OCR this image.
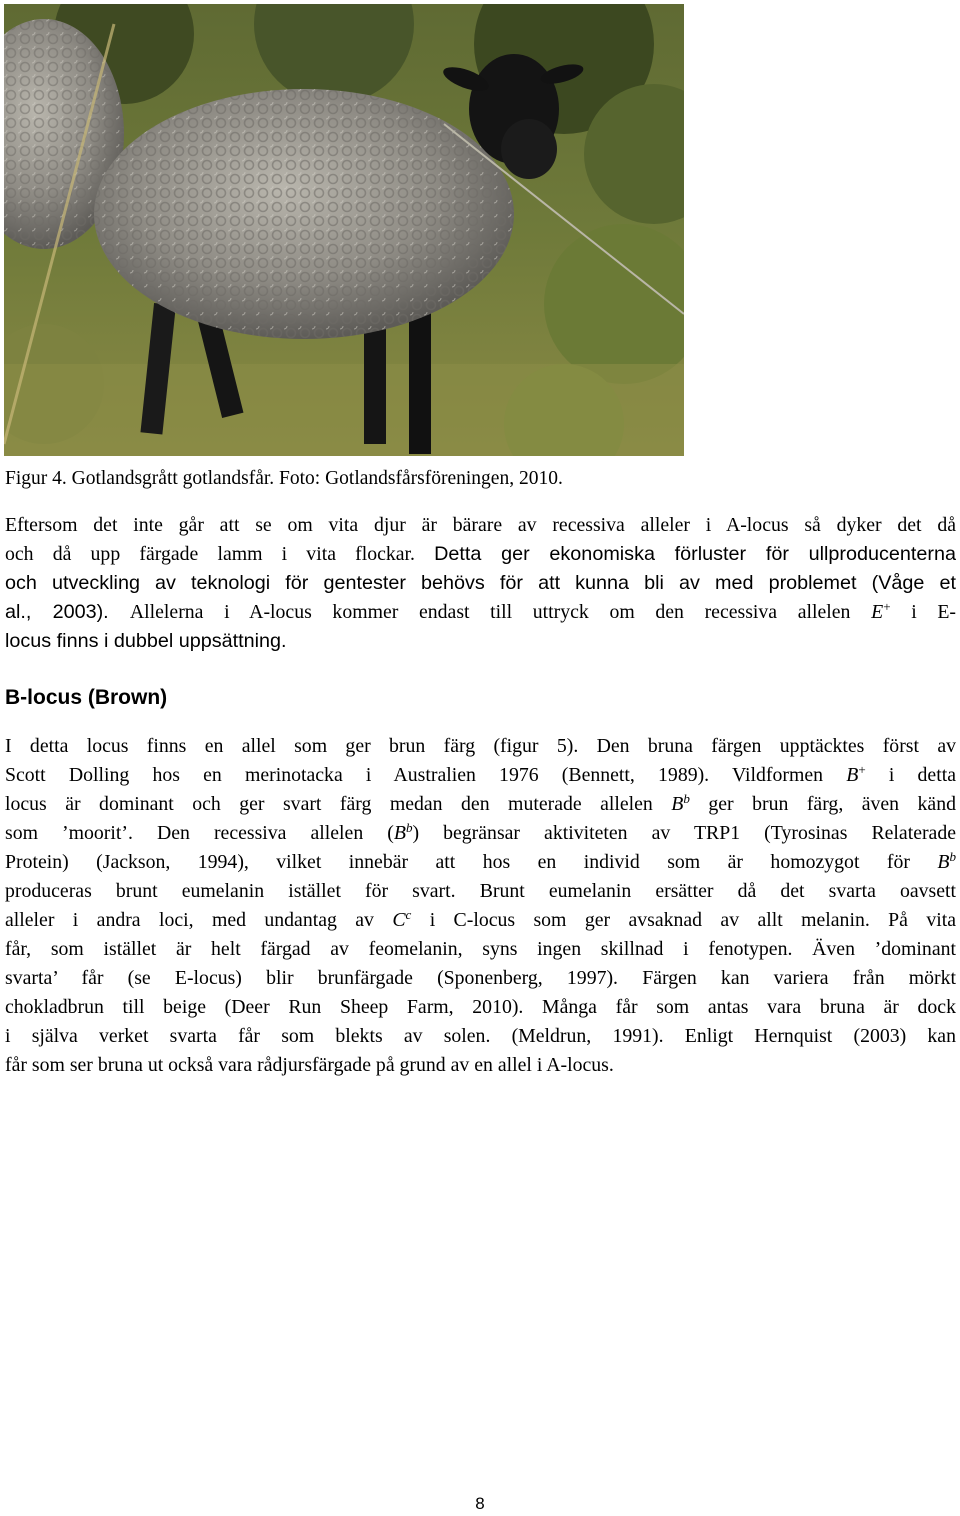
Figur 4. Gotlandsgrått gotlandsfår. Foto: Gotlandsfårsföreningen, 2010.
Eftersom det inte går att se om vita djur är bärare av recessiva alleler i A-locus så dyker det då
och då upp färgade lamm i vita flockar. Detta ger ekonomiska förluster för ullproducenterna
och utveckling av teknologi för gentester behövs för att kunna bli av med problemet (Våge et
al., 2003). Allelerna i A-locus kommer endast till uttryck om den recessiva allelen E+ i E-
locus finns i dubbel uppsättning.
B-locus (Brown)
I detta locus finns en allel som ger brun färg (figur 5). Den bruna färgen upptäcktes först av
Scott Dolling hos en merinotacka i Australien 1976 (Bennett, 1989). Vildformen B+ i detta
locus är dominant och ger svart färg medan den muterade allelen $B^b$ ger brun färg, även känd
som ’moorit’. Den recessiva allelen $(B^b)$ begränsar aktiviteten av TRP1 (Tyrosinas Relaterade
Protein) (Jackson, 1994), vilket innebär att hos en individ som är homozygot för $B^b$
produceras brunt eumelanin istället för svart. Brunt eumelanin ersätter då det svarta oavsett
alleler i andra loci, med undantag av $C^c$ i C-locus som ger avsaknad av allt melanin. På vita
får, som istället är helt färgad av feomelanin, syns ingen skillnad i fenotypen. Även ’dominant
svarta’ får (se E-locus) blir brunfärgade (Sponenberg, 1997). Färgen kan variera från mörkt
chokladbrun till beige (Deer Run Sheep Farm, 2010). Många får som antas vara bruna är dock
i själva verket svarta får som blekts av solen. (Meldrun, 1991). Enligt Hernquist (2003) kan
får som ser bruna ut också vara rådjursfärgade på grund av en allel i A-locus.
8
